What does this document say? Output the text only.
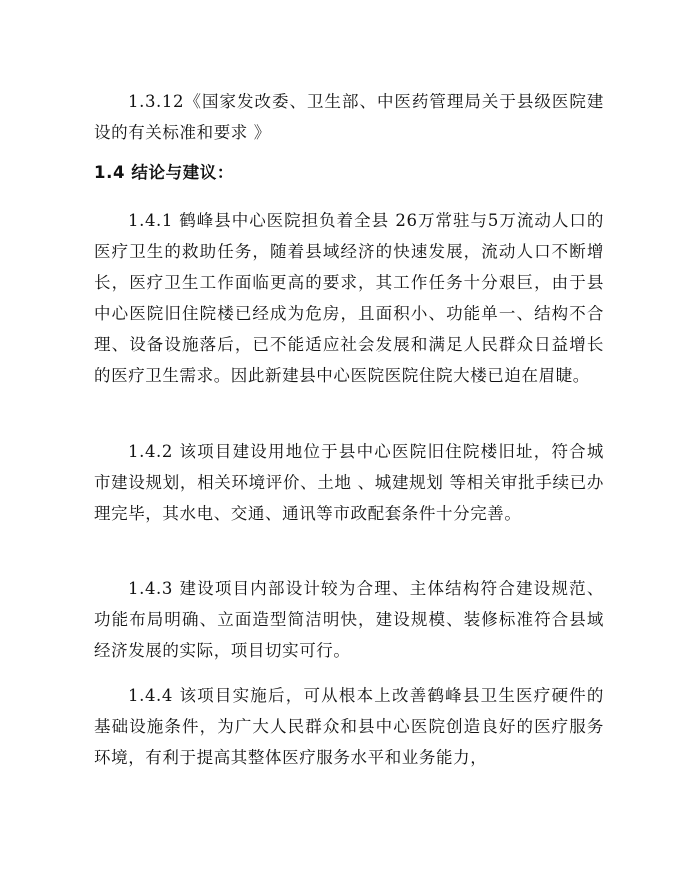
1.3.12《国家发改委、卫生部、中医药管理局关于县级医院建设的有关标准和要求 》

1.4 结论与建议：

1.4.1 鹤峰县中心医院担负着全县 26万常驻与5万流动人口的医疗卫生的救助任务，随着县域经济的快速发展，流动人口不断增长，医疗卫生工作面临更高的要求，其工作任务十分艰巨，由于县中心医院旧住院楼已经成为危房，且面积小、功能单一、结构不合理、设备设施落后，已不能适应社会发展和满足人民群众日益增长的医疗卫生需求。因此新建县中心医院医院住院大楼已迫在眉睫。

1.4.2 该项目建设用地位于县中心医院旧住院楼旧址，符合城市建设规划，相关环境评价、土地 、城建规划 等相关审批手续已办理完毕，其水电、交通、通讯等市政配套条件十分完善。

1.4.3 建设项目内部设计较为合理、主体结构符合建设规范、功能布局明确、立面造型简洁明快，建设规模、装修标准符合县域经济发展的实际，项目切实可行。

1.4.4 该项目实施后，可从根本上改善鹤峰县卫生医疗硬件的基础设施条件，为广大人民群众和县中心医院创造良好的医疗服务环境，有利于提高其整体医疗服务水平和业务能力，
